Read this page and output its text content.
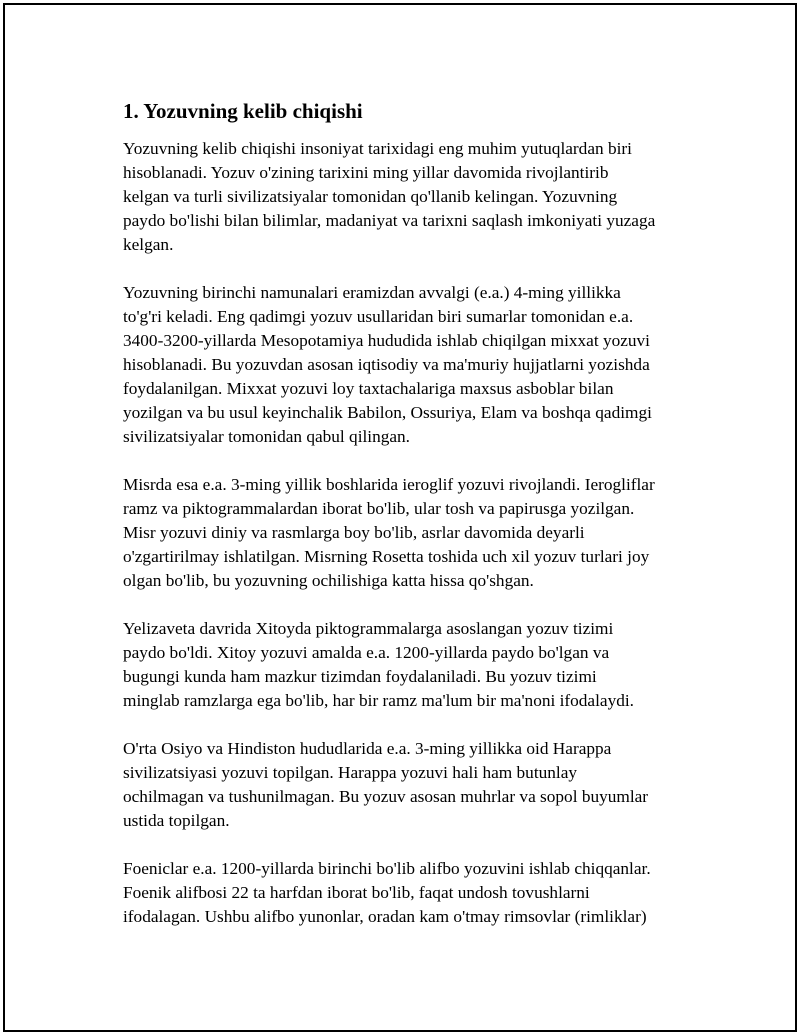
1. Yozuvning kelib chiqishi
Yozuvning kelib chiqishi insoniyat tarixidagi eng muhim yutuqlardan biri
hisoblanadi. Yozuv o'zining tarixini ming yillar davomida rivojlantirib
kelgan va turli sivilizatsiyalar tomonidan qo'llanib kelingan. Yozuvning
paydo bo'lishi bilan bilimlar, madaniyat va tarixni saqlash imkoniyati yuzaga
kelgan.
Yozuvning birinchi namunalari eramizdan avvalgi (e.a.) 4-ming yillikka
to'g'ri keladi. Eng qadimgi yozuv usullaridan biri sumarlar tomonidan e.a.
3400-3200-yillarda Mesopotamiya hududida ishlab chiqilgan mixxat yozuvi
hisoblanadi. Bu yozuvdan asosan iqtisodiy va ma'muriy hujjatlarni yozishda
foydalanilgan. Mixxat yozuvi loy taxtachalariga maxsus asboblar bilan
yozilgan va bu usul keyinchalik Babilon, Ossuriya, Elam va boshqa qadimgi
sivilizatsiyalar tomonidan qabul qilingan.
Misrda esa e.a. 3-ming yillik boshlarida ieroglif yozuvi rivojlandi. Ierogliflar
ramz va piktogrammalardan iborat bo'lib, ular tosh va papirusga yozilgan.
Misr yozuvi diniy va rasmlarga boy bo'lib, asrlar davomida deyarli
o'zgartirilmay ishlatilgan. Misrning Rosetta toshida uch xil yozuv turlari joy
olgan bo'lib, bu yozuvning ochilishiga katta hissa qo'shgan.
Yelizaveta davrida Xitoyda piktogrammalarga asoslangan yozuv tizimi
paydo bo'ldi. Xitoy yozuvi amalda e.a. 1200-yillarda paydo bo'lgan va
bugungi kunda ham mazkur tizimdan foydalaniladi. Bu yozuv tizimi
minglab ramzlarga ega bo'lib, har bir ramz ma'lum bir ma'noni ifodalaydi.
O'rta Osiyo va Hindiston hududlarida e.a. 3-ming yillikka oid Harappa
sivilizatsiyasi yozuvi topilgan. Harappa yozuvi hali ham butunlay
ochilmagan va tushunilmagan. Bu yozuv asosan muhrlar va sopol buyumlar
ustida topilgan.
Foeniclar e.a. 1200-yillarda birinchi bo'lib alifbo yozuvini ishlab chiqqanlar.
Foenik alifbosi 22 ta harfdan iborat bo'lib, faqat undosh tovushlarni
ifodalagan. Ushbu alifbo yunonlar, oradan kam o'tmay rimsovlar (rimliklar)
